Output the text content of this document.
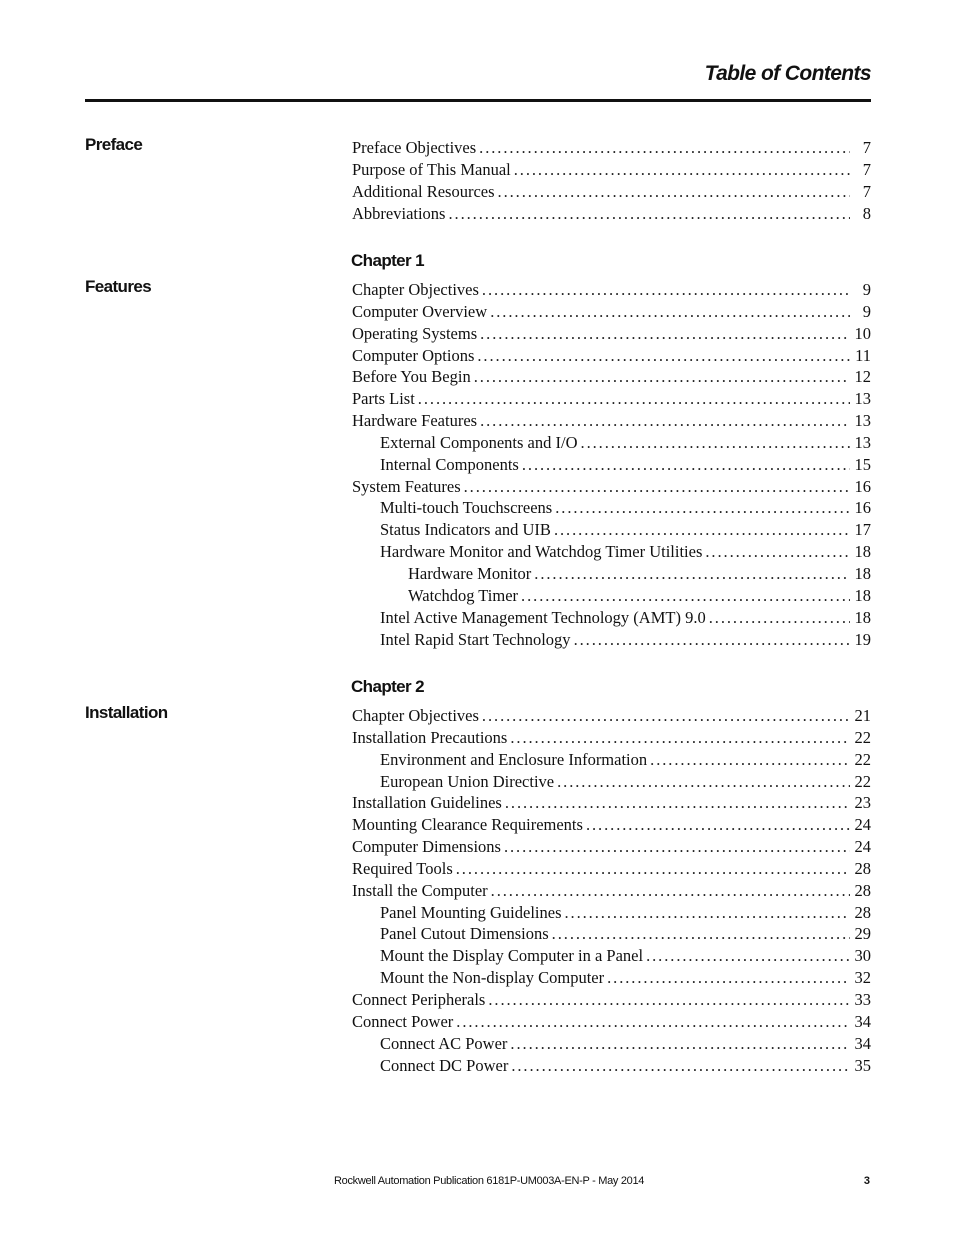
Table of Contents
Preface	Preface Objectives . . .	7
Purpose of This Manual . . .	7
Additional Resources . . .	7
Abbreviations . . .	8
Chapter 1
Features	Chapter Objectives . . .	9
Computer Overview . . .	9
Operating Systems . . .	10
Computer Options . . .	11
Before You Begin . . .	12
Parts List . . .	13
Hardware Features . . .	13
External Components and I/O . . .	13
Internal Components . . .	15
System Features . . .	16
Multi-touch Touchscreens . . .	16
Status Indicators and UIB . . .	17
Hardware Monitor and Watchdog Timer Utilities . . .	18
Hardware Monitor . . .	18
Watchdog Timer . . .	18
Intel Active Management Technology (AMT) 9.0 . . .	18
Intel Rapid Start Technology . . .	19
Chapter 2
Installation	Chapter Objectives . . .	21
Installation Precautions . . .	22
Environment and Enclosure Information . . .	22
European Union Directive . . .	22
Installation Guidelines . . .	23
Mounting Clearance Requirements . . .	24
Computer Dimensions . . .	24
Required Tools . . .	28
Install the Computer . . .	28
Panel Mounting Guidelines . . .	28
Panel Cutout Dimensions . . .	29
Mount the Display Computer in a Panel . . .	30
Mount the Non-display Computer . . .	32
Connect Peripherals . . .	33
Connect Power . . .	34
Connect AC Power . . .	34
Connect DC Power . . .	35
Rockwell Automation Publication 6181P-UM003A-EN-P - May 2014	3
